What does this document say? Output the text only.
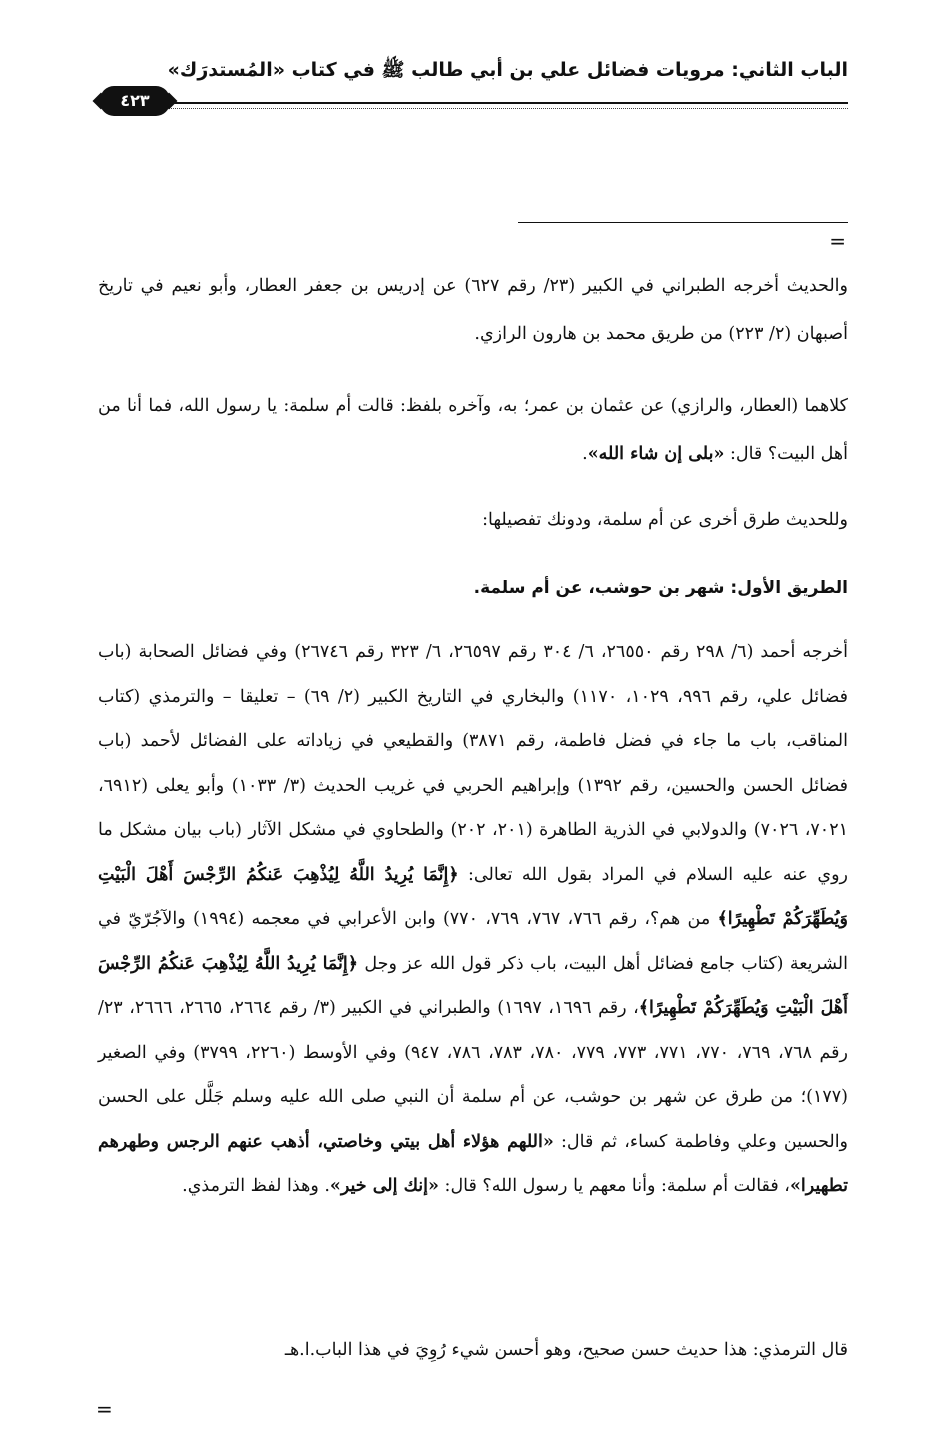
الباب الثاني: مرويات فضائل علي بن أبي طالب ﷺ في كتاب «المُستدرَك»
٤٢٣
=
والحديث أخرجه الطبراني في الكبير (٢٣/ رقم ٦٢٧) عن إدريس بن جعفر العطار، وأبو نعيم في تاريخ أصبهان (٢/ ٢٢٣) من طريق محمد بن هارون الرازي.
كلاهما (العطار، والرازي) عن عثمان بن عمر؛ به، وآخره بلفظ: قالت أم سلمة: يا رسول الله، فما أنا من أهل البيت؟ قال: «بلى إن شاء الله».
وللحديث طرق أخرى عن أم سلمة، ودونك تفصيلها:
الطريق الأول: شهر بن حوشب، عن أم سلمة.
أخرجه أحمد (٦/ ٢٩٨ رقم ٢٦٥٥٠، ٦/ ٣٠٤ رقم ٢٦٥٩٧، ٦/ ٣٢٣ رقم ٢٦٧٤٦) وفي فضائل الصحابة (باب فضائل علي، رقم ٩٩٦، ١٠٢٩، ١١٧٠) والبخاري في التاريخ الكبير (٢/ ٦٩) – تعليقا – والترمذي (كتاب المناقب، باب ما جاء في فضل فاطمة، رقم ٣٨٧١) والقطيعي في زياداته على الفضائل لأحمد (باب فضائل الحسن والحسين، رقم ١٣٩٢) وإبراهيم الحربي في غريب الحديث (٣/ ١٠٣٣) وأبو يعلى (٦٩١٢، ٧٠٢١، ٧٠٢٦) والدولابي في الذرية الطاهرة (٢٠١، ٢٠٢) والطحاوي في مشكل الآثار (باب بيان مشكل ما روي عنه عليه السلام في المراد بقول الله تعالى: ﴿إِنَّمَا يُرِيدُ اللَّهُ لِيُذْهِبَ عَنكُمُ الرِّجْسَ أَهْلَ الْبَيْتِ وَيُطَهِّرَكُمْ تَطْهِيرًا﴾ من هم؟، رقم ٧٦٦، ٧٦٧، ٧٦٩، ٧٧٠) وابن الأعرابي في معجمه (١٩٩٤) والآجُرّيّ في الشريعة (كتاب جامع فضائل أهل البيت، باب ذكر قول الله عز وجل ﴿إِنَّمَا يُرِيدُ اللَّهُ لِيُذْهِبَ عَنكُمُ الرِّجْسَ أَهْلَ الْبَيْتِ وَيُطَهِّرَكُمْ تَطْهِيرًا﴾، رقم ١٦٩٦، ١٦٩٧) والطبراني في الكبير (٣/ رقم ٢٦٦٤، ٢٦٦٥، ٢٦٦٦، ٢٣/ رقم ٧٦٨، ٧٦٩، ٧٧٠، ٧٧١، ٧٧٣، ٧٧٩، ٧٨٠، ٧٨٣، ٧٨٦، ٩٤٧) وفي الأوسط (٢٢٦٠، ٣٧٩٩) وفي الصغير (١٧٧)؛ من طرق عن شهر بن حوشب، عن أم سلمة أن النبي صلى الله عليه وسلم جَلَّل على الحسن والحسين وعلي وفاطمة كساء، ثم قال: «اللهم هؤلاء أهل بيتي وخاصتي، أذهب عنهم الرجس وطهرهم تطهيرا»، فقالت أم سلمة: وأنا معهم يا رسول الله؟ قال: «إنك إلى خير». وهذا لفظ الترمذي.
قال الترمذي: هذا حديث حسن صحيح، وهو أحسن شيء رُوِيَ في هذا الباب.ا.هـ
=
